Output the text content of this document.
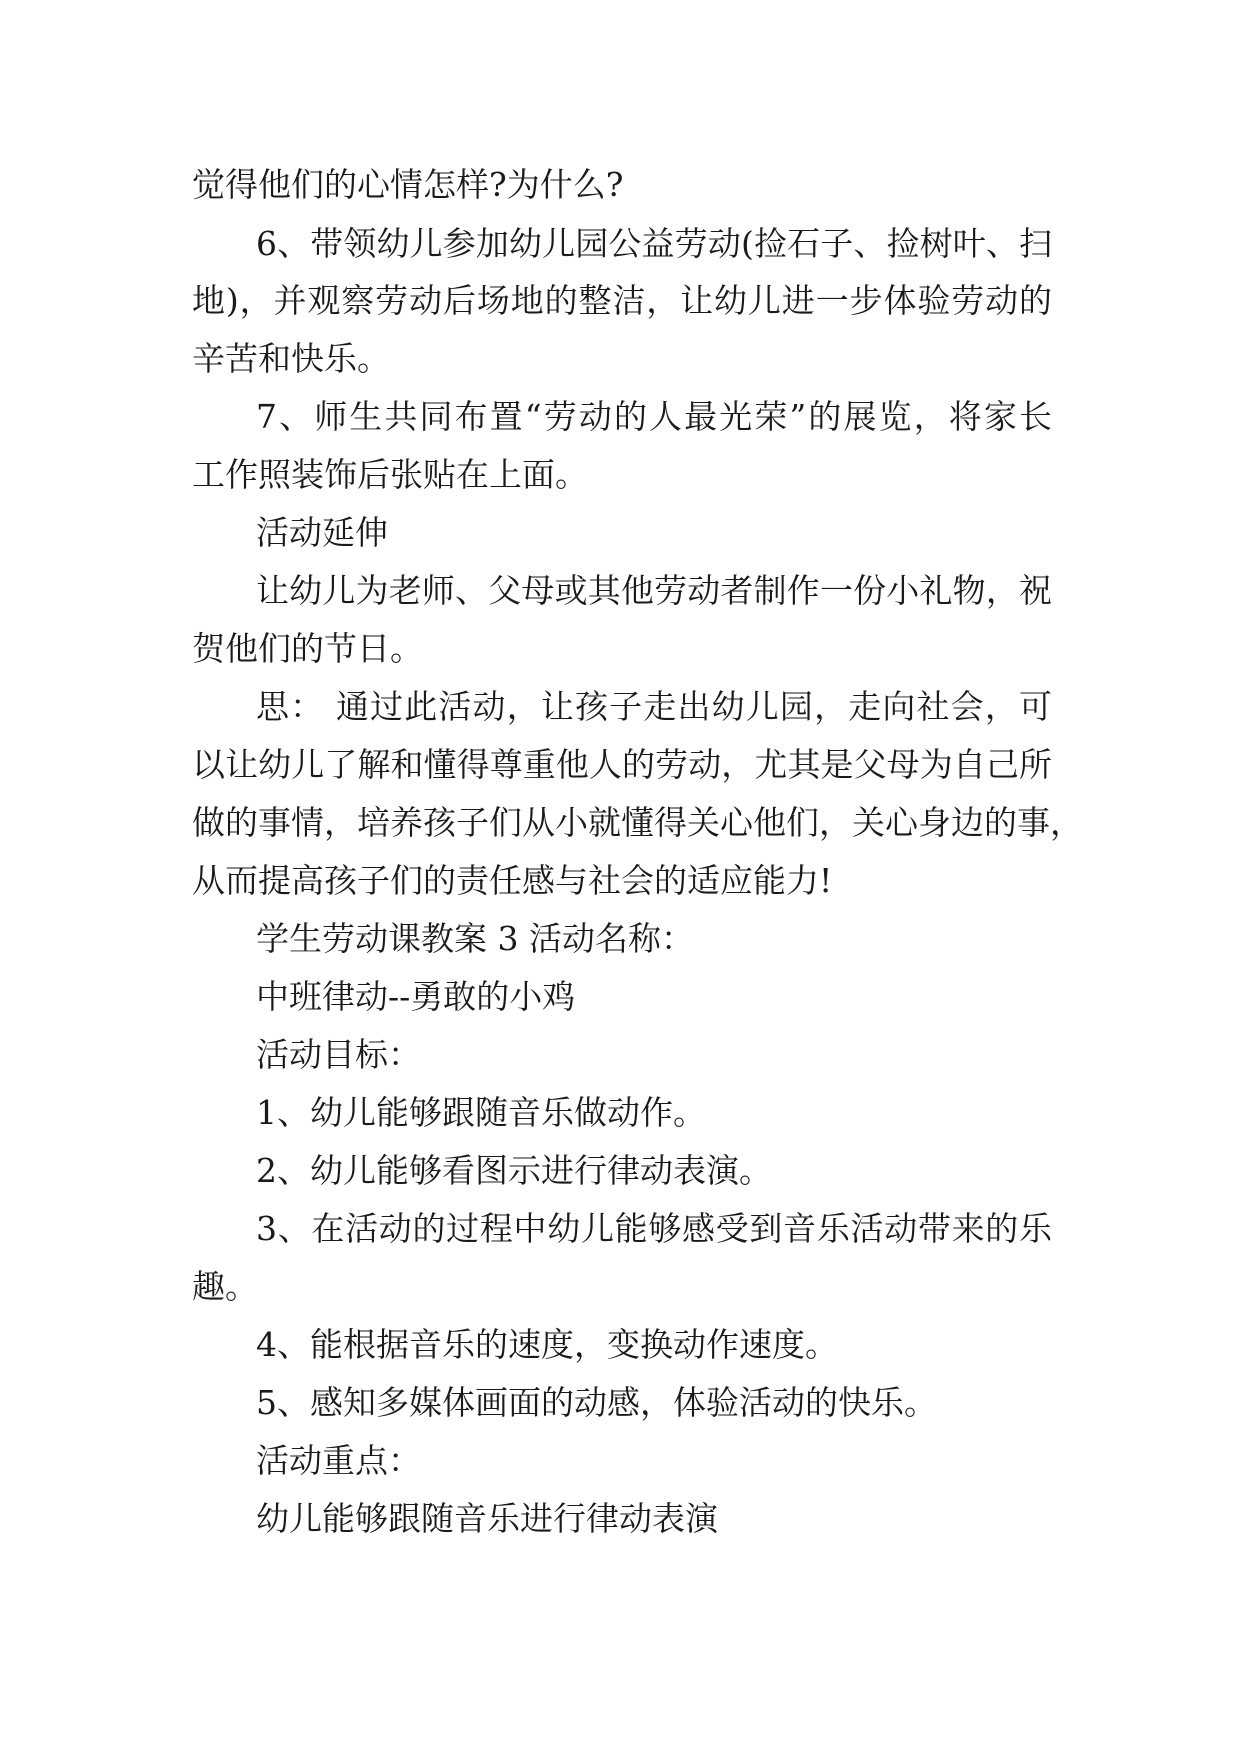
觉得他们的心情怎样?为什么?
6、带领幼儿参加幼儿园公益劳动(捡石子、捡树叶、扫
地)，并观察劳动后场地的整洁，让幼儿进一步体验劳动的
辛苦和快乐。
7、师生共同布置“劳动的人最光荣”的展览，将家长
工作照装饰后张贴在上面。
活动延伸
让幼儿为老师、父母或其他劳动者制作一份小礼物，祝
贺他们的节日。
思： 通过此活动，让孩子走出幼儿园，走向社会，可
以让幼儿了解和懂得尊重他人的劳动，尤其是父母为自己所
做的事情，培养孩子们从小就懂得关心他们，关心身边的事，
从而提高孩子们的责任感与社会的适应能力!
学生劳动课教案 3 活动名称：
中班律动--勇敢的小鸡
活动目标：
1、幼儿能够跟随音乐做动作。
2、幼儿能够看图示进行律动表演。
3、在活动的过程中幼儿能够感受到音乐活动带来的乐
趣。
4、能根据音乐的速度，变换动作速度。
5、感知多媒体画面的动感，体验活动的快乐。
活动重点：
幼儿能够跟随音乐进行律动表演
